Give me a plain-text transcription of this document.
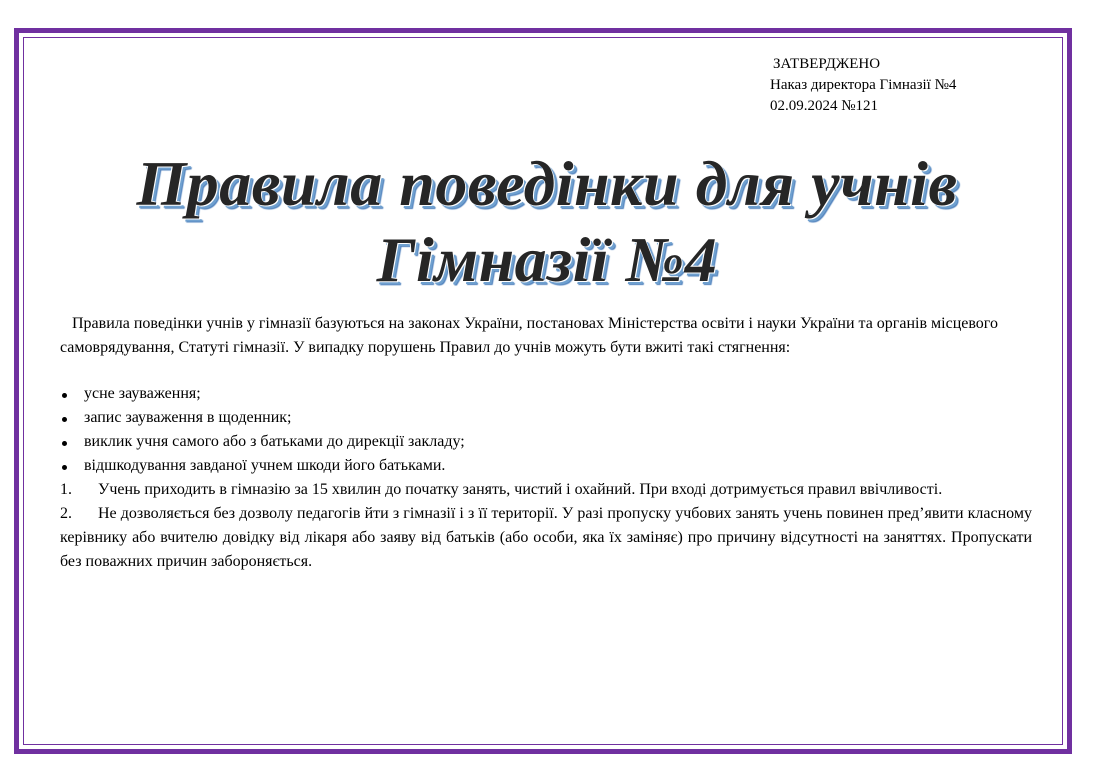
ЗАТВЕРДЖЕНО
Наказ директора Гімназії №4
02.09.2024 №121
Правила поведінки для учнів
Гімназії №4

Правила поведінки учнів у гімназії базуються на законах України, постановах Міністерства освіти і науки України та органів місцевого самоврядування, Статуті гімназії. У випадку порушень Правил до учнів можуть бути вжиті такі стягнення:

усне зауваження;
запис зауваження в щоденник;
виклик учня самого або з батьками до дирекції закладу;
відшкодування завданої учнем шкоди його батьками.
1. Учень приходить в гімназію за 15 хвилин до початку занять, чистий і охайний. При вході дотримується правил ввічливості.
2. Не дозволяється без дозволу педагогів йти з гімназії і з її території. У разі пропуску учбових занять учень повинен пред’явити класному керівнику або вчителю довідку від лікаря або заяву від батьків (або особи, яка їх заміняє) про причину відсутності на заняттях. Пропускати без поважних причин забороняється.
